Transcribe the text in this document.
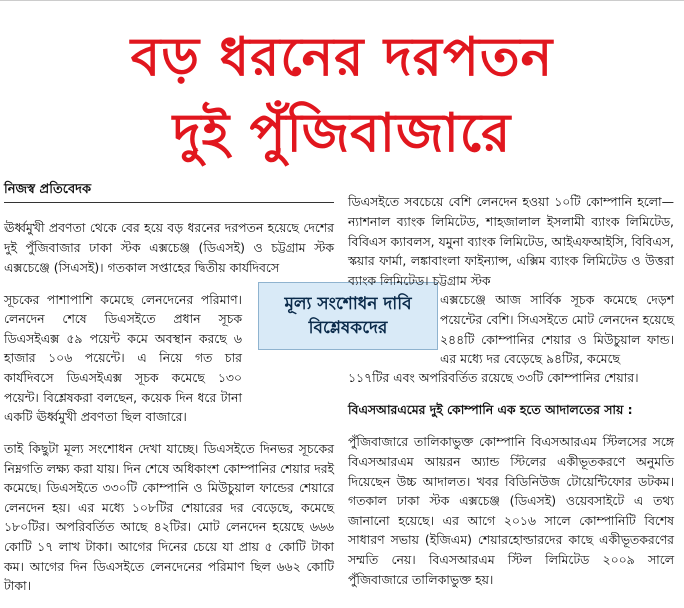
বড় ধরনের দরপতন
দুই পুঁজিবাজারে
নিজস্ব প্রতিবেদক

ঊর্ধ্বমুখী প্রবণতা থেকে বের হয়ে বড় ধরনের দরপতন হয়েছে দেশের দুই পুঁজিবাজার ঢাকা স্টক এক্সচেঞ্জ (ডিএসই) ও চট্টগ্রাম স্টক এক্সচেঞ্জে (সিএসই)। গতকাল সপ্তাহের দ্বিতীয় কার্যদিবসে

সূচকের পাশাপাশি কমেছে লেনদেনের পরিমাণ। লেনদেন শেষে ডিএসইতে প্রধান সূচক ডিএসইএক্স ৫৯ পয়েন্ট কমে অবস্থান করছে ৬ হাজার ১০৬ পয়েন্টে। এ নিয়ে গত চার কার্যদিবসে ডিএসইএক্স সূচক কমেছে ১৩০ পয়েন্ট। বিশ্লেষকরা বলছেন, কয়েক দিন ধরে টানা একটি ঊর্ধ্বমুখী প্রবণতা ছিল বাজারে।

তাই কিছুটা মূল্য সংশোধন দেখা যাচ্ছে। ডিএসইতে দিনভর সূচকের নিম্নগতি লক্ষ্য করা যায়। দিন শেষে অধিকাংশ কোম্পানির শেয়ার দরই কমেছে। ডিএসইতে ৩৩০টি কোম্পানি ও মিউচুয়াল ফান্ডের শেয়ারে লেনদেন হয়। এর মধ্যে ১০৮টির শেয়ারের দর বেড়েছে, কমেছে ১৮০টির। অপরিবর্তিত আছে ৪২টির। মোট লেনদেন হয়েছে ৬৬৬ কোটি ১৭ লাখ টাকা। আগের দিনের চেয়ে যা প্রায় ৫ কোটি টাকা কম। আগের দিন ডিএসইতে লেনদেনের পরিমাণ ছিল ৬৬২ কোটি টাকা।

মূল্য সংশোধন দাবি বিশ্লেষকদের

ডিএসইতে সবচেয়ে বেশি লেনদেন হওয়া ১০টি কোম্পানি হলো— ন্যাশনাল ব্যাংক লিমিটেড, শাহজালাল ইসলামী ব্যাংক লিমিটেড, বিবিএস ক্যাবলস, যমুনা ব্যাংক লিমিটেড, আইএফআইসি, বিবিএস, স্কয়ার ফার্মা, লঙ্কাবাংলা ফাইন্যান্স, এক্সিম ব্যাংক লিমিটেড ও উত্তরা ব্যাংক লিমিটেড। চট্টগ্রাম স্টক

এক্সচেঞ্জে আজ সার্বিক সূচক কমেছে দেড়শ পয়েন্টের বেশি। সিএসইতে মোট লেনদেন হয়েছে ২৪৪টি কোম্পানির শেয়ার ও মিউচুয়াল ফান্ড। এর মধ্যে দর বেড়েছে ৯৪টির, কমেছে

১১৭টির এবং অপরিবর্তিত রয়েছে ৩৩টি কোম্পানির শেয়ার।

বিএসআরএমের দুই কোম্পানি এক হতে আদালতের সায় :

পুঁজিবাজারে তালিকাভুক্ত কোম্পানি বিএসআরএম স্টিলসের সঙ্গে বিএসআরএম আয়রন অ্যান্ড স্টিলের একীভূতকরণে অনুমতি দিয়েছেন উচ্চ আদালত। খবর বিডিনিউজ টোয়েন্টিফোর ডটকম। গতকাল ঢাকা স্টক এক্সচেঞ্জ (ডিএসই) ওয়েবসাইটে এ তথ্য জানানো হয়েছে। এর আগে ২০১৬ সালে কোম্পানিটি বিশেষ সাধারণ সভায় (ইজিএম) শেয়ারহোল্ডারদের কাছে একীভূতকরণের সম্মতি নেয়। বিএসআরএম স্টিল লিমিটেড ২০০৯ সালে পুঁজিবাজারে তালিকাভুক্ত হয়।
